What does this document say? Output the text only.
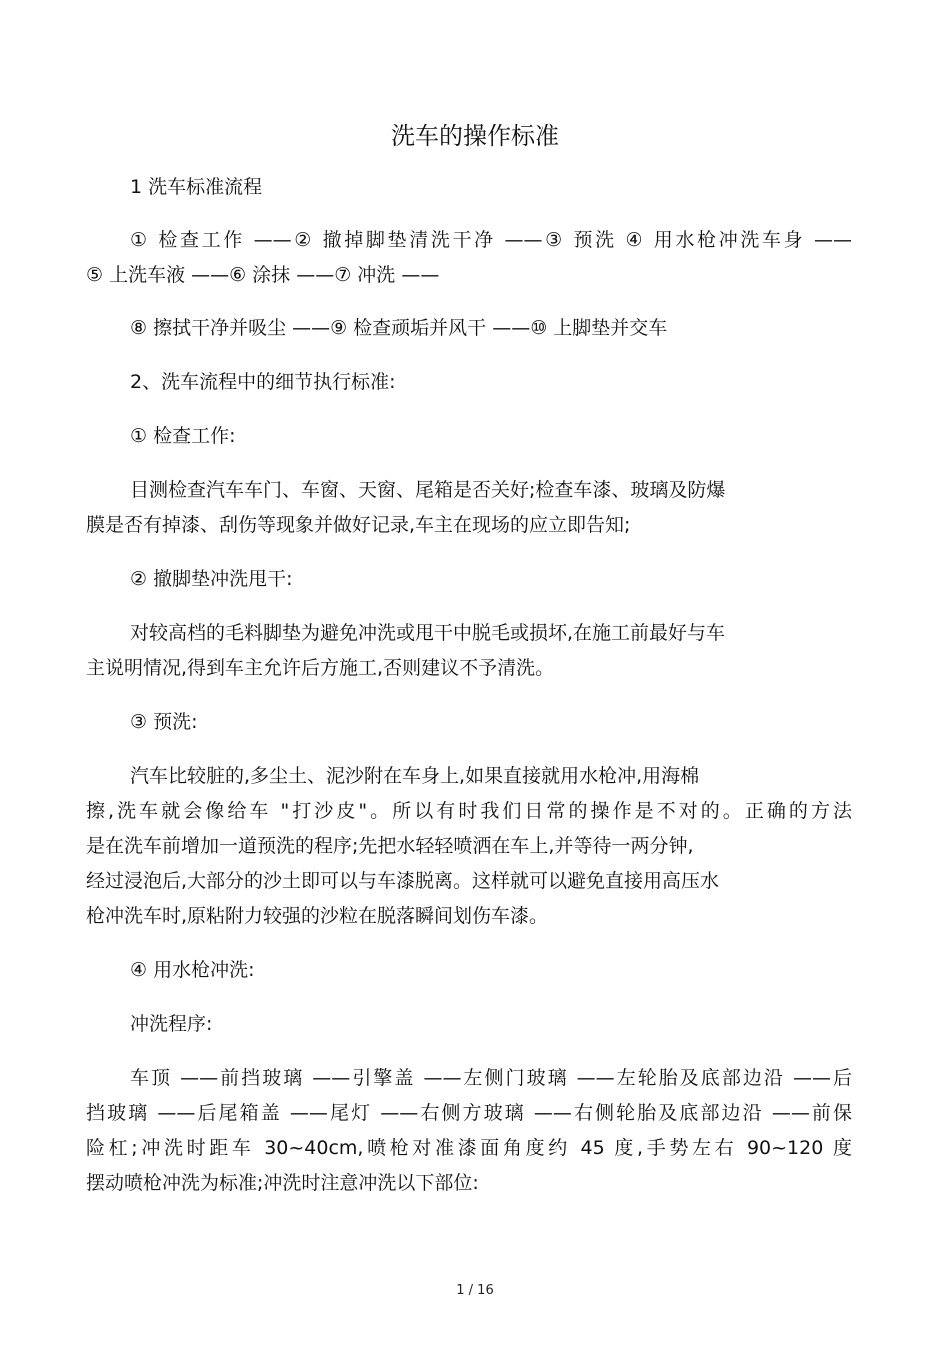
洗车的操作标准

1 洗车标准流程

① 检查工作 ——② 撤掉脚垫清洗干净 ——③ 预洗 ④ 用水枪冲洗车身 ——
⑤ 上洗车液 ——⑥ 涂抹 ——⑦ 冲洗 ——

⑧ 擦拭干净并吸尘 ——⑨ 检查顽垢并风干 ——⑩ 上脚垫并交车

2、洗车流程中的细节执行标准:

① 检查工作:

目测检查汽车车门、车窗、天窗、尾箱是否关好;检查车漆、玻璃及防爆
膜是否有掉漆、刮伤等现象并做好记录,车主在现场的应立即告知;

② 撤脚垫冲洗甩干:

对较高档的毛料脚垫为避免冲洗或甩干中脱毛或损坏,在施工前最好与车
主说明情况,得到车主允许后方施工,否则建议不予清洗。

③ 预洗:

汽车比较脏的,多尘土、泥沙附在车身上,如果直接就用水枪冲,用海棉
擦,洗车就会像给车 "打沙皮"。所以有时我们日常的操作是不对的。正确的方法
是在洗车前增加一道预洗的程序;先把水轻轻喷洒在车上,并等待一两分钟,
经过浸泡后,大部分的沙土即可以与车漆脱离。这样就可以避免直接用高压水
枪冲洗车时,原粘附力较强的沙粒在脱落瞬间划伤车漆。

④ 用水枪冲洗:

冲洗程序:

车顶 ——前挡玻璃 ——引擎盖 ——左侧门玻璃 ——左轮胎及底部边沿 ——后
挡玻璃 ——后尾箱盖 ——尾灯 ——右侧方玻璃 ——右侧轮胎及底部边沿 ——前保
险杠;冲洗时距车 30~40cm,喷枪对准漆面角度约 45 度,手势左右 90~120 度
摆动喷枪冲洗为标准;冲洗时注意冲洗以下部位:

1 / 16
